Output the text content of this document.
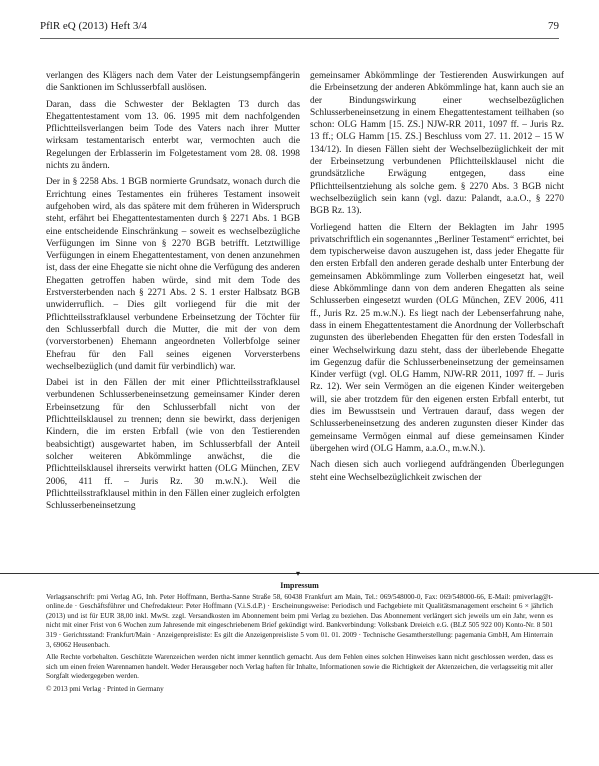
PflR eQ (2013) Heft 3/4	79

verlangen des Klägers nach dem Vater der Leistungsempfängerin die Sanktionen im Schlusserbfall auslösen.

Daran, dass die Schwester der Beklagten T3 durch das Ehegattentestament vom 13. 06. 1995 mit dem nachfolgenden Pflichtteilsverlangen beim Tode des Vaters nach ihrer Mutter wirksam testamentarisch enterbt war, vermochten auch die Regelungen der Erblasserin im Folgetestament vom 28. 08. 1998 nichts zu ändern.

Der in § 2258 Abs. 1 BGB normierte Grundsatz, wonach durch die Errichtung eines Testamentes ein früheres Testament insoweit aufgehoben wird, als das spätere mit dem früheren in Widerspruch steht, erfährt bei Ehegattentestamenten durch § 2271 Abs. 1 BGB eine entscheidende Einschränkung – soweit es wechselbezügliche Verfügungen im Sinne von § 2270 BGB betrifft. Letztwillige Verfügungen in einem Ehegattentestament, von denen anzunehmen ist, dass der eine Ehegatte sie nicht ohne die Verfügung des anderen Ehegatten getroffen haben würde, sind mit dem Tode des Erstversterbenden nach § 2271 Abs. 2 S. 1 erster Halbsatz BGB unwiderruflich. – Dies gilt vorliegend für die mit der Pflichtteilsstrafklausel verbundene Erbeinsetzung der Töchter für den Schlusserbfall durch die Mutter, die mit der von dem (vorverstorbenen) Ehemann angeordneten Vollerbfolge seiner Ehefrau für den Fall seines eigenen Vorversterbens wechselbezüglich (und damit für verbindlich) war.

Dabei ist in den Fällen der mit einer Pflichtteilsstrafklausel verbundenen Schlusserbeneinsetzung gemeinsamer Kinder deren Erbeinsetzung für den Schlusserbfall nicht von der Pflichtteilsklausel zu trennen; denn sie bewirkt, dass derjenigen Kindern, die im ersten Erbfall (wie von den Testierenden beabsichtigt) ausgewartet haben, im Schlusserbfall der Anteil solcher weiteren Abkömmlinge anwächst, die die Pflichtteilsklausel ihrerseits verwirkt hatten (OLG München, ZEV 2006, 411 ff. – Juris Rz. 30 m.w.N.). Weil die Pflichtteilsstrafklausel mithin in den Fällen einer zugleich erfolgten Schlusserbeneinsetzung

gemeinsamer Abkömmlinge der Testierenden Auswirkungen auf die Erbeinsetzung der anderen Abkömmlinge hat, kann auch sie an der Bindungswirkung einer wechselbezüglichen Schlusserbeneinsetzung in einem Ehegattentestament teilhaben (so schon: OLG Hamm [15. ZS.] NJW-RR 2011, 1097 ff. – Juris Rz. 13 ff.; OLG Hamm [15. ZS.] Beschluss vom 27. 11. 2012 – 15 W 134/12). In diesen Fällen sieht der Wechselbezüglichkeit der mit der Erbeinsetzung verbundenen Pflichtteilsklausel nicht die grundsätzliche Erwägung entgegen, dass eine Pflichtteilsentziehung als solche gem. § 2270 Abs. 3 BGB nicht wechselbezüglich sein kann (vgl. dazu: Palandt, a.a.O., § 2270 BGB Rz. 13).

Vorliegend hatten die Eltern der Beklagten im Jahr 1995 privatschriftlich ein sogenanntes „Berliner Testament“ errichtet, bei dem typischerweise davon auszugehen ist, dass jeder Ehegatte für den ersten Erbfall den anderen gerade deshalb unter Enterbung der gemeinsamen Abkömmlinge zum Vollerben eingesetzt hat, weil diese Abkömmlinge dann von dem anderen Ehegatten als seine Schlusserben eingesetzt wurden (OLG München, ZEV 2006, 411 ff., Juris Rz. 25 m.w.N.). Es liegt nach der Lebenserfahrung nahe, dass in einem Ehegattentestament die Anordnung der Vollerbschaft zugunsten des überlebenden Ehegatten für den ersten Todesfall in einer Wechselwirkung dazu steht, dass der überlebende Ehegatte im Gegenzug dafür die Schlusserbeneinsetzung der gemeinsamen Kinder verfügt (vgl. OLG Hamm, NJW-RR 2011, 1097 ff. – Juris Rz. 12). Wer sein Vermögen an die eigenen Kinder weitergeben will, sie aber trotzdem für den eigenen ersten Erbfall enterbt, tut dies im Bewusstsein und Vertrauen darauf, dass wegen der Schlusserbeneinsetzung des anderen zugunsten dieser Kinder das gemeinsame Vermögen einmal auf diese gemeinsamen Kinder übergehen wird (OLG Hamm, a.a.O., m.w.N.).

Nach diesen sich auch vorliegend aufdrängenden Überlegungen steht eine Wechselbezüglichkeit zwischen der

▾
Impressum

Verlagsanschrift: pmi Verlag AG, Inh. Peter Hoffmann, Bertha-Sanne Straße 58, 60438 Frankfurt am Main, Tel.: 069/548000-0, Fax: 069/548000-66, E-Mail: pmiverlag@t-online.de · Geschäftsführer und Chefredakteur: Peter Hoffmann (V.i.S.d.P.) · Erscheinungsweise: Periodisch und Fachgebiete mit Qualitätsmanagement erscheint 6 × jährlich (2013) und ist für EUR 38,00 inkl. MwSt. zzgl. Versandkosten im Abonnement beim pmi Verlag zu beziehen. Das Abonnement verlängert sich jeweils um ein Jahr, wenn es nicht mit einer Frist von 6 Wochen zum Jahresende mit eingeschriebenem Brief gekündigt wird. Bankverbindung: Volksbank Dreieich e.G. (BLZ 505 922 00) Konto-Nr. 8 501 319 · Gerichtsstand: Frankfurt/Main · Anzeigenpreisliste: Es gilt die Anzeigenpreisliste 5 vom 01. 01. 2009 · Technische Gesamtherstellung: pagemania GmbH, Am Hinterrain 3, 69062 Heusenbach.

Alle Rechte vorbehalten. Geschützte Warenzeichen werden nicht immer kenntlich gemacht. Aus dem Fehlen eines solchen Hinweises kann nicht geschlossen werden, dass es sich um einen freien Warennamen handelt. Weder Herausgeber noch Verlag haften für Inhalte, Informationen sowie die Richtigkeit der Aktenzeichen, die verlagsseitig mit aller Sorgfalt wiedergegeben werden.

© 2013 pmi Verlag · Printed in Germany
